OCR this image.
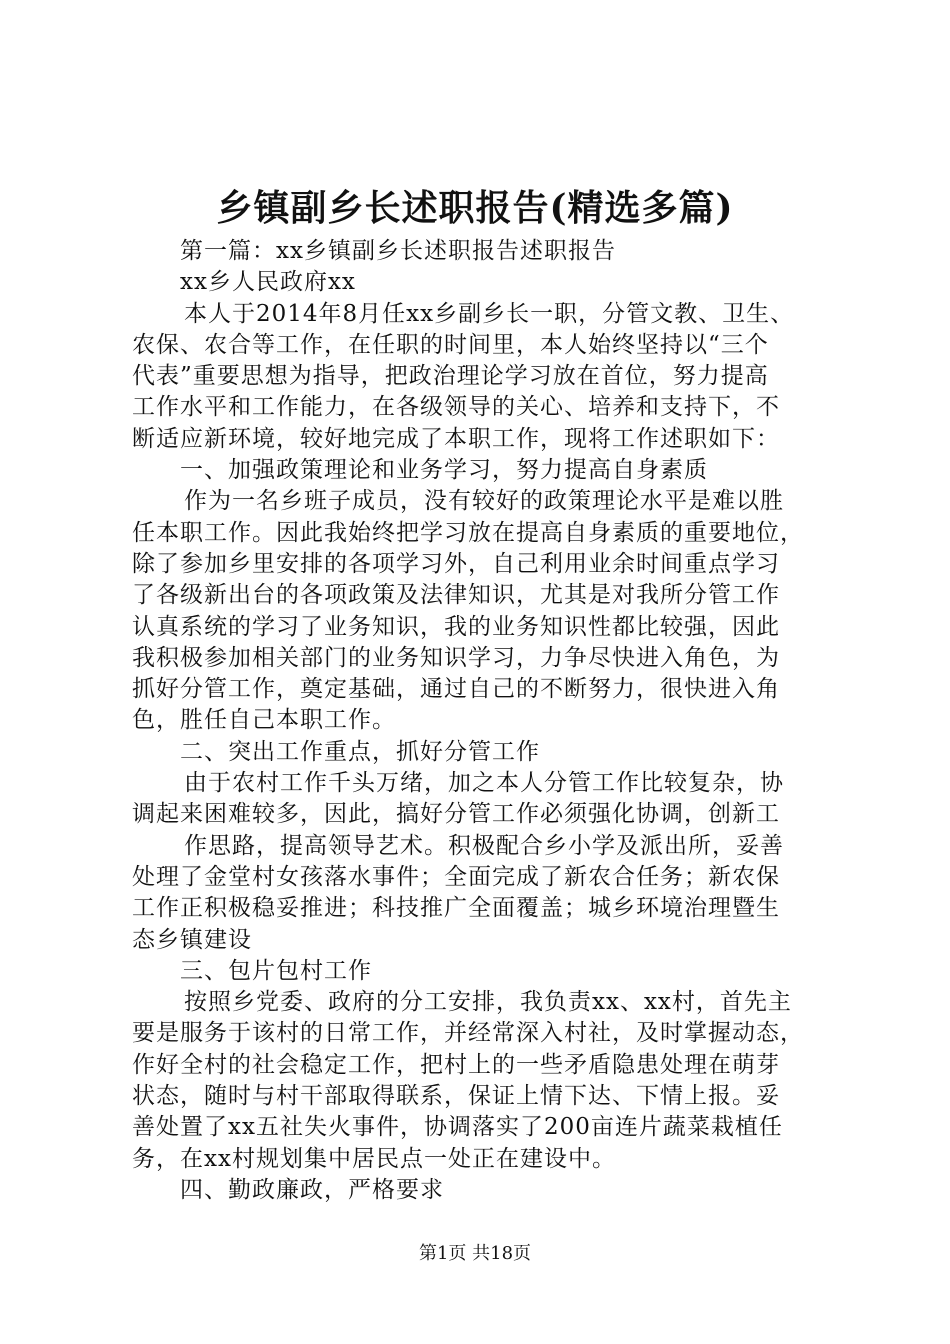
乡镇副乡长述职报告(精选多篇)
第一篇：xx乡镇副乡长述职报告述职报告
xx乡人民政府xx
本人于2014年8月任xx乡副乡长一职，分管文教、卫生、
农保、农合等工作，在任职的时间里，本人始终坚持以“三个
代表”重要思想为指导，把政治理论学习放在首位，努力提高
工作水平和工作能力，在各级领导的关心、培养和支持下，不
断适应新环境，较好地完成了本职工作，现将工作述职如下：
一、加强政策理论和业务学习，努力提高自身素质
作为一名乡班子成员，没有较好的政策理论水平是难以胜
任本职工作。因此我始终把学习放在提高自身素质的重要地位，
除了参加乡里安排的各项学习外，自己利用业余时间重点学习
了各级新出台的各项政策及法律知识，尤其是对我所分管工作
认真系统的学习了业务知识，我的业务知识性都比较强，因此
我积极参加相关部门的业务知识学习，力争尽快进入角色，为
抓好分管工作，奠定基础，通过自己的不断努力，很快进入角
色，胜任自己本职工作。
二、突出工作重点，抓好分管工作
由于农村工作千头万绪，加之本人分管工作比较复杂，协
调起来困难较多，因此，搞好分管工作必须强化协调，创新工
作思路，提高领导艺术。积极配合乡小学及派出所，妥善
处理了金堂村女孩落水事件；全面完成了新农合任务；新农保
工作正积极稳妥推进；科技推广全面覆盖；城乡环境治理暨生
态乡镇建设
三、包片包村工作
按照乡党委、政府的分工安排，我负责xx、xx村，首先主
要是服务于该村的日常工作，并经常深入村社，及时掌握动态，
作好全村的社会稳定工作，把村上的一些矛盾隐患处理在萌芽
状态，随时与村干部取得联系，保证上情下达、下情上报。妥
善处置了xx五社失火事件，协调落实了200亩连片蔬菜栽植任
务，在xx村规划集中居民点一处正在建设中。
四、勤政廉政，严格要求
第1页 共18页
